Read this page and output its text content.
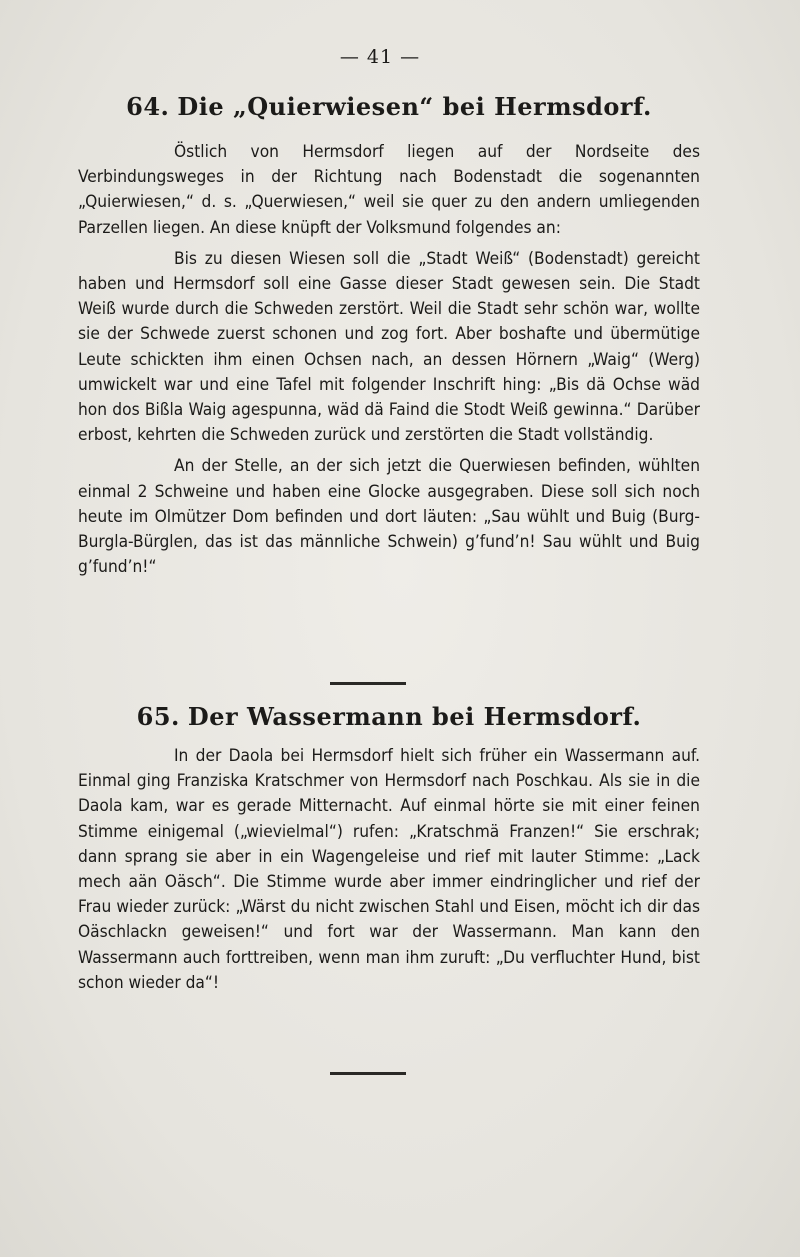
— 41 —
64. Die „Quierwiesen“ bei Hermsdorf.

Östlich von Hermsdorf liegen auf der Nordseite des Verbindungsweges in der Richtung nach Bodenstadt die sogenannten „Quierwiesen,“ d. s. „Querwiesen,“ weil sie quer zu den andern umliegenden Parzellen liegen. An diese knüpft der Volksmund folgendes an:

Bis zu diesen Wiesen soll die „Stadt Weiß“ (Bodenstadt) gereicht haben und Hermsdorf soll eine Gasse dieser Stadt gewesen sein. Die Stadt Weiß wurde durch die Schweden zerstört. Weil die Stadt sehr schön war, wollte sie der Schwede zuerst schonen und zog fort. Aber boshafte und übermütige Leute schickten ihm einen Ochsen nach, an dessen Hörnern „Waig“ (Werg) umwickelt war und eine Tafel mit folgender Inschrift hing: „Bis dä Ochse wäd hon dos Bißla Waig agespunna, wäd dä Faind die Stodt Weiß gewinna.“ Darüber erbost, kehrten die Schweden zurück und zerstörten die Stadt vollständig.

An der Stelle, an der sich jetzt die Querwiesen befinden, wühlten einmal 2 Schweine und haben eine Glocke ausgegraben. Diese soll sich noch heute im Olmützer Dom befinden und dort läuten: „Sau wühlt und Buig (Burg-Burgla-Bürglen, das ist das männliche Schwein) g’fund’n! Sau wühlt und Buig g’fund’n!“

65. Der Wassermann bei Hermsdorf.

In der Daola bei Hermsdorf hielt sich früher ein Wassermann auf. Einmal ging Franziska Kratschmer von Hermsdorf nach Poschkau. Als sie in die Daola kam, war es gerade Mitternacht. Auf einmal hörte sie mit einer feinen Stimme einigemal („wievielmal“) rufen: „Kratschmä Franzen!“ Sie erschrak; dann sprang sie aber in ein Wagengeleise und rief mit lauter Stimme: „Lack mech aän Oäsch“. Die Stimme wurde aber immer eindringlicher und rief der Frau wieder zurück: „Wärst du nicht zwischen Stahl und Eisen, möcht ich dir das Oäschlackn geweisen!“ und fort war der Wassermann. Man kann den Wassermann auch forttreiben, wenn man ihm zuruft: „Du verfluchter Hund, bist schon wieder da“!
